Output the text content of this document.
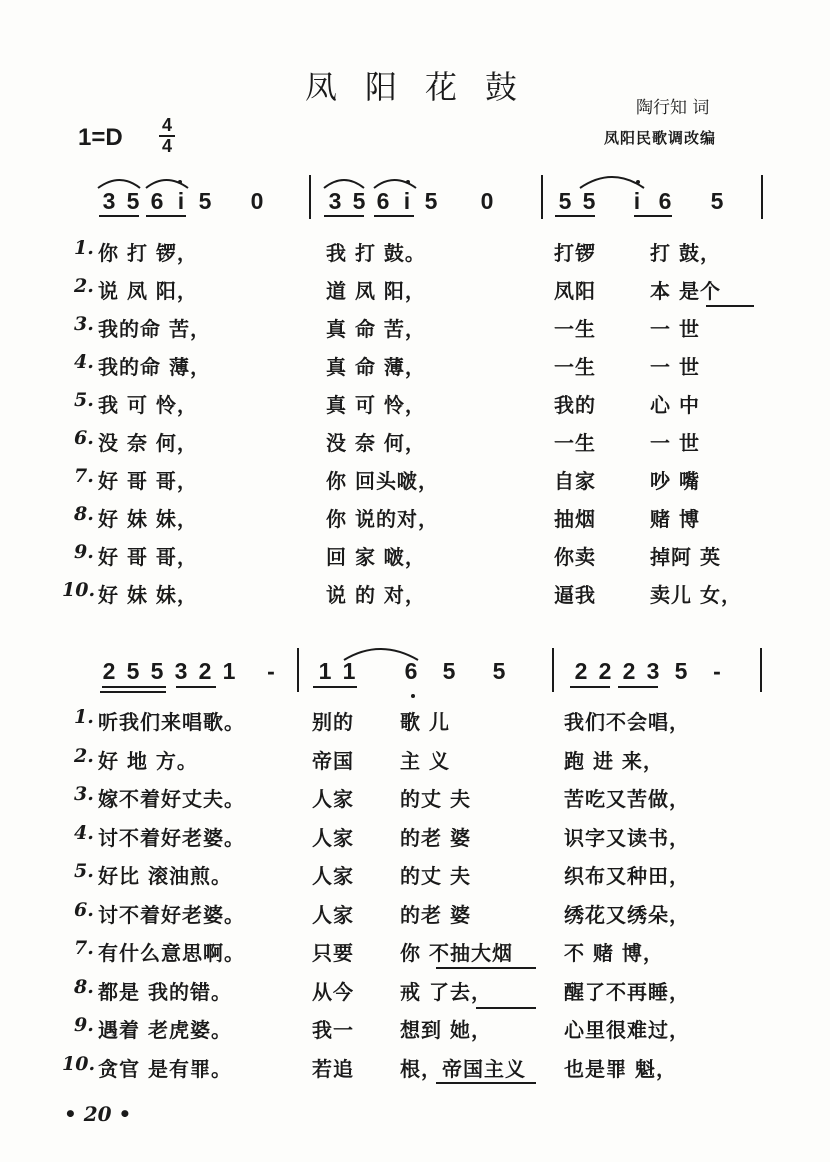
凤阳花鼓
陶行知 词
凤阳民歌调改编
1=D 4
4
3 5 6 i 5 0	3 5 6 i 5 0	5 5 i 6 5
1. 你 打 锣，	我 打 鼓。	打锣	打 鼓，
2. 说 凤 阳，	道 凤 阳，	凤阳	本 是个
3. 我的命 苦，	真 命 苦，	一生	一 世
4. 我的命 薄，	真 命 薄，	一生	一 世
5. 我 可 怜，	真 可 怜，	我的	心 中
6. 没 奈 何，	没 奈 何，	一生	一 世
7. 好 哥 哥，	你 回头啵，	自家	吵 嘴
8. 好 妹 妹，	你 说的对，	抽烟	赌 博
9. 好 哥 哥，	回 家 啵，	你卖	掉阿 英
10. 好 妹 妹，	说 的 对，	逼我	卖儿 女，
2 5 5 3 2 1 - 1 1 6 5 5	2 2 2 3 5 -
1. 听我们来唱歌。	别的 歌 儿	我们不会唱，
2. 好 地 方。	帝国 主 义	跑 进 来，
3. 嫁不着好丈夫。	人家 的丈 夫	苦吃又苦做，
4. 讨不着好老婆。	人家 的老 婆	识字又读书，
5. 好比 滚油煎。	人家 的丈 夫	织布又种田，
6. 讨不着好老婆。	人家 的老 婆	绣花又绣朵，
7. 有什么意思啊。	只要 你 不抽大烟	不 赌 博，
8. 都是 我的错。	从今 戒 了去，	醒了不再睡，
9. 遇着 老虎婆。	我一 想到 她，	心里很难过，
10. 贪官 是有罪。	若追 根，帝国主义 也是罪 魁，
• 20 •
